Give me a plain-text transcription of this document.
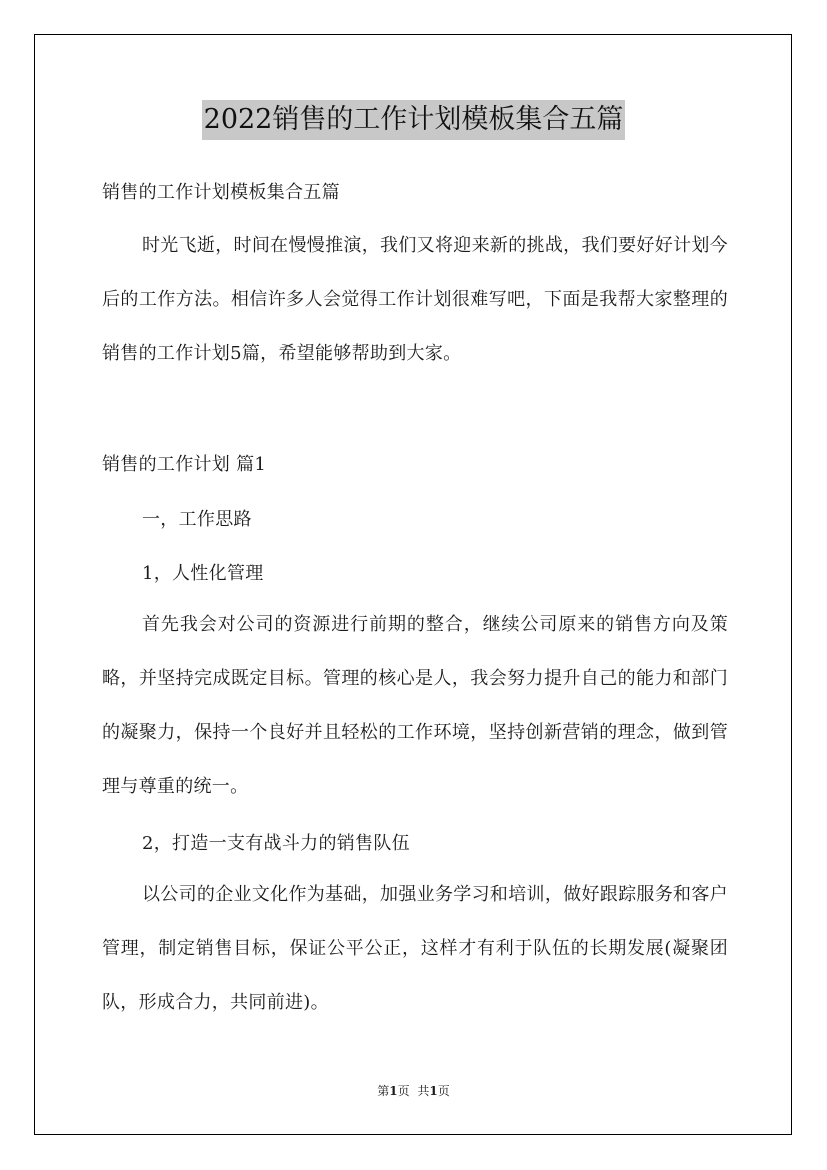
2022销售的工作计划模板集合五篇
销售的工作计划模板集合五篇
时光飞逝，时间在慢慢推演，我们又将迎来新的挑战，我们要好好计划今后的工作方法。相信许多人会觉得工作计划很难写吧，下面是我帮大家整理的销售的工作计划5篇，希望能够帮助到大家。
销售的工作计划 篇1
一，工作思路
1，人性化管理
首先我会对公司的资源进行前期的整合，继续公司原来的销售方向及策略，并坚持完成既定目标。管理的核心是人，我会努力提升自己的能力和部门的凝聚力，保持一个良好并且轻松的工作环境，坚持创新营销的理念，做到管理与尊重的统一。
2，打造一支有战斗力的销售队伍
以公司的企业文化作为基础，加强业务学习和培训，做好跟踪服务和客户管理，制定销售目标，保证公平公正，这样才有利于队伍的长期发展(凝聚团队，形成合力，共同前进)。
第1页 共1页
